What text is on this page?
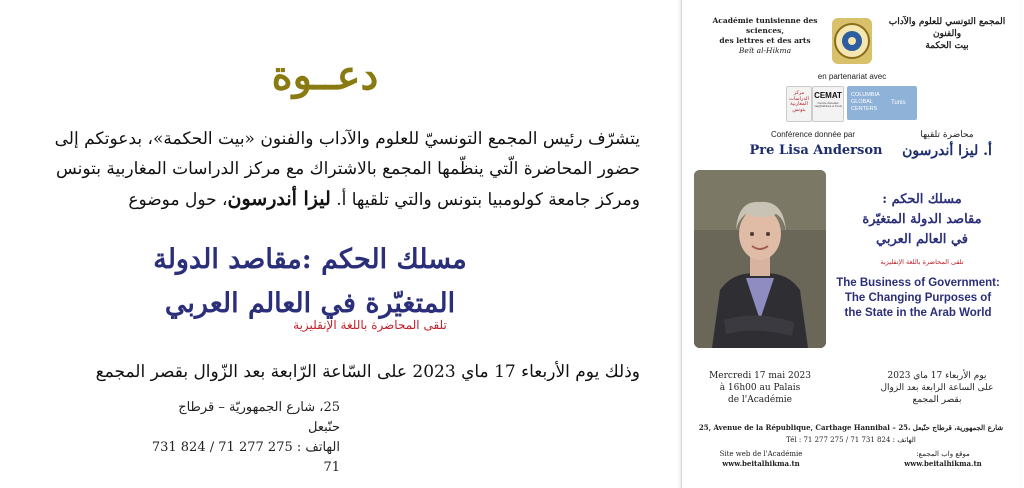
دعــوة
يتشرّف رئيس المجمع التونسيّ للعلوم والآداب والفنون «بيت الحكمة»، بدعوتكم إلى
حضور المحاضرة الّتي ينظّمها المجمع بالاشتراك مع مركز الدراسات المغاربية بتونس
ومركز جامعة كولومبيا بتونس والتي تلقيها أ. ليزا أندرسون، حول موضوع
مسلك الحكم :مقاصد الدولة
المتغيّرة في العالم العربي
تلقى المحاضرة باللغة الإنقليزية
وذلك يوم الأربعاء 17 ماي 2023 على السّاعة الرّابعة بعد الزّوال بقصر المجمع
25، شارع الجمهوريّة – قرطاج حنّبعل
الهاتف : 275 277 71 / 824 731 71
Académie tunisienne des sciences,
des lettres et des arts
Beït al-Hikma
المجمع التونسي للعلوم والآداب والفنون
بيت الحكمة
en partenariat avec
مركز الدراسات المغاربية بتونس
CEMAT
Centre d'études maghrébines à Tunis
COLUMBIA
GLOBAL
CENTERS
Tunis
Conférence donnée par
Pre Lisa Anderson
محاضرة تلقيها
أ. ليزا أندرسون
مسلك الحكم :
مقاصد الدولة المتغيّرة
في العالم العربي
تلقى المحاضرة باللغة الإنقليزية
The Business of Government:
The Changing Purposes of
the State in the Arab World
Mercredi 17 mai 2023
à 16h00 au Palais
de l'Académie
يوم الأربعاء 17 ماي 2023
على الساعة الرابعة بعد الزوال
بقصر المجمع
25, Avenue de la République, Carthage Hannibal – 25، شارع الجمهورية، قرطاج حنّبعل
Tél : 71 277 275 / 71 731 824 : الهاتف
Site web de l'Académie
www.beitalhikma.tn
موقع واب المجمع:
www.beitalhikma.tn
